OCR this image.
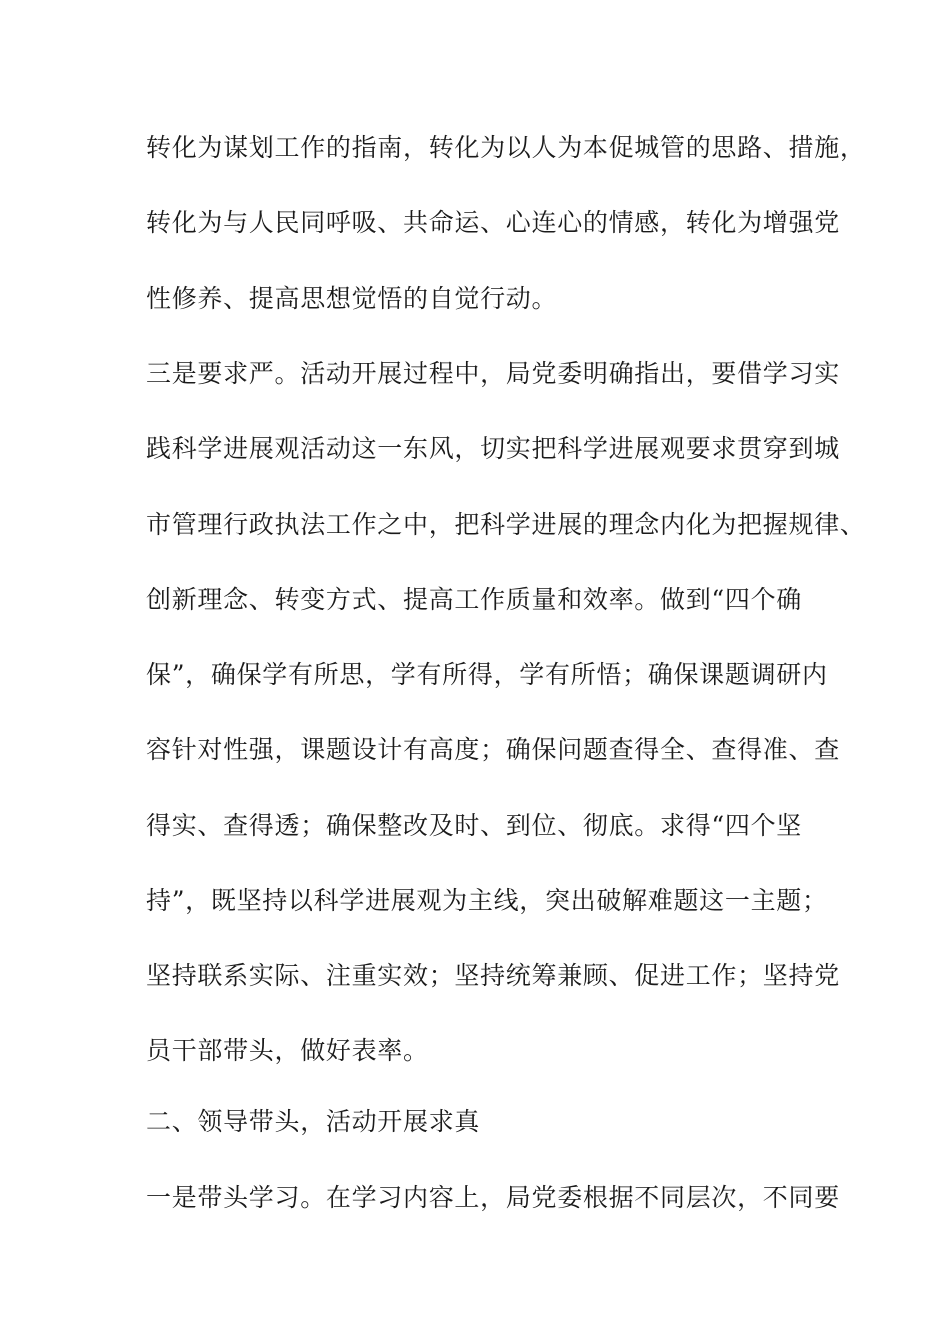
转化为谋划工作的指南，转化为以人为本促城管的思路、措施，

转化为与人民同呼吸、共命运、心连心的情感，转化为增强党

性修养、提高思想觉悟的自觉行动。

三是要求严。活动开展过程中，局党委明确指出，要借学习实

践科学进展观活动这一东风，切实把科学进展观要求贯穿到城

市管理行政执法工作之中，把科学进展的理念内化为把握规律、

创新理念、转变方式、提高工作质量和效率。做到“四个确

保”，确保学有所思，学有所得，学有所悟；确保课题调研内

容针对性强，课题设计有高度；确保问题查得全、查得准、查

得实、查得透；确保整改及时、到位、彻底。求得“四个坚

持”，既坚持以科学进展观为主线，突出破解难题这一主题；

坚持联系实际、注重实效；坚持统筹兼顾、促进工作；坚持党

员干部带头，做好表率。

二、领导带头，活动开展求真

一是带头学习。在学习内容上，局党委根据不同层次，不同要
